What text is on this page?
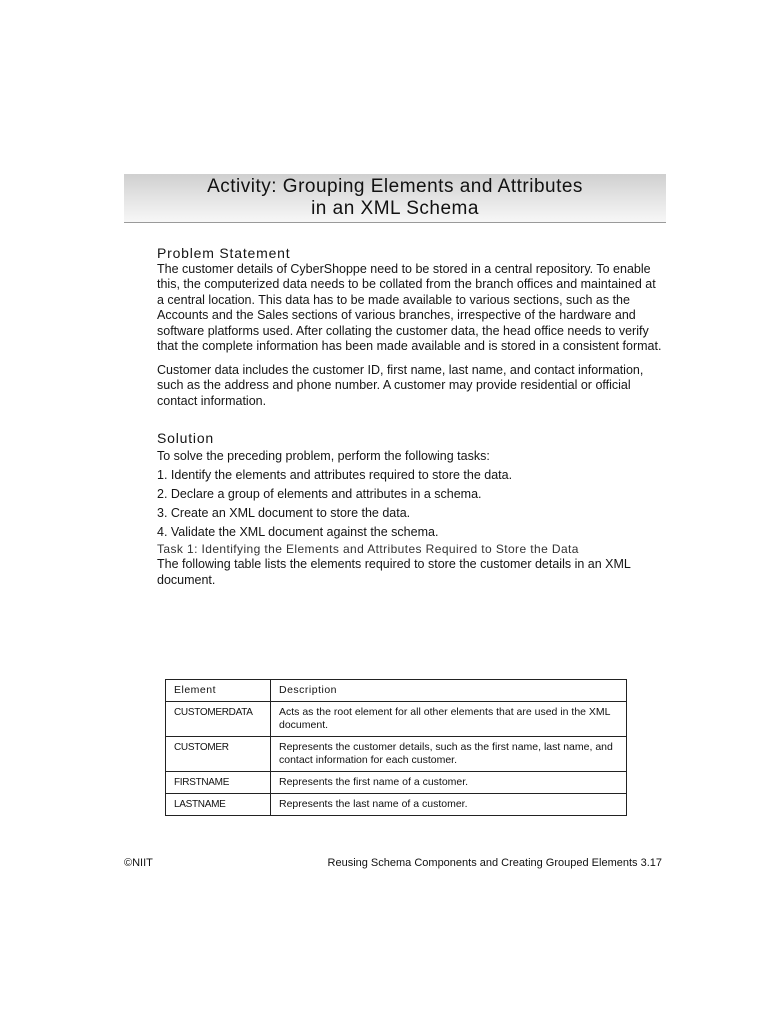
Activity: Grouping Elements and Attributes
in an XML Schema

Problem Statement

The customer details of CyberShoppe need to be stored in a central repository. To enable this, the computerized data needs to be collated from the branch offices and maintained at a central location. This data has to be made available to various sections, such as the Accounts and the Sales sections of various branches, irrespective of the hardware and software platforms used. After collating the customer data, the head office needs to verify that the complete information has been made available and is stored in a consistent format.

Customer data includes the customer ID, first name, last name, and contact information, such as the address and phone number. A customer may provide residential or official contact information.

Solution

To solve the preceding problem, perform the following tasks:

1. Identify the elements and attributes required to store the data.
2. Declare a group of elements and attributes in a schema.
3. Create an XML document to store the data.
4. Validate the XML document against the schema.

Task 1: Identifying the Elements and Attributes Required to Store the Data

The following table lists the elements required to store the customer details in an XML document.

Element	Description
CUSTOMERDATA	Acts as the root element for all other elements that are used in the XML document.
CUSTOMER	Represents the customer details, such as the first name, last name, and contact information for each customer.
FIRSTNAME	Represents the first name of a customer.
LASTNAME	Represents the last name of a customer.
©NIIT	Reusing Schema Components and Creating Grouped Elements 3.17
